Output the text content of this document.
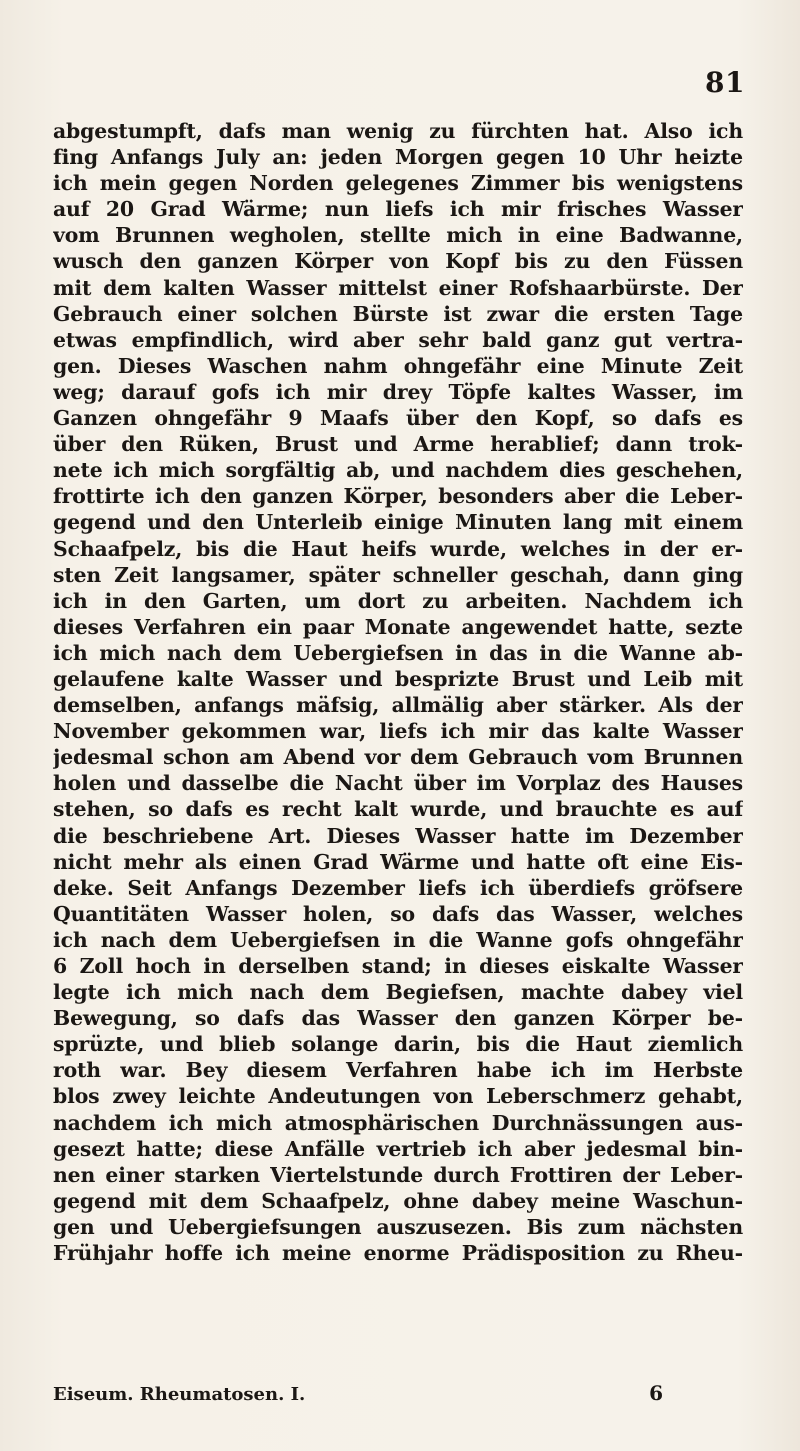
81
abgestumpft, dafs man wenig zu fürchten hat. Also ich
fing Anfangs July an: jeden Morgen gegen 10 Uhr heizte
ich mein gegen Norden gelegenes Zimmer bis wenigstens
auf 20 Grad Wärme; nun liefs ich mir frisches Wasser
vom Brunnen wegholen, stellte mich in eine Badwanne,
wusch den ganzen Körper von Kopf bis zu den Füssen
mit dem kalten Wasser mittelst einer Rofshaarbürste. Der
Gebrauch einer solchen Bürste ist zwar die ersten Tage
etwas empfindlich, wird aber sehr bald ganz gut vertra-
gen. Dieses Waschen nahm ohngefähr eine Minute Zeit
weg; darauf gofs ich mir drey Töpfe kaltes Wasser, im
Ganzen ohngefähr 9 Maafs über den Kopf, so dafs es
über den Rüken, Brust und Arme herablief; dann trok-
nete ich mich sorgfältig ab, und nachdem dies geschehen,
frottirte ich den ganzen Körper, besonders aber die Leber-
gegend und den Unterleib einige Minuten lang mit einem
Schaafpelz, bis die Haut heifs wurde, welches in der er-
sten Zeit langsamer, später schneller geschah, dann ging
ich in den Garten, um dort zu arbeiten. Nachdem ich
dieses Verfahren ein paar Monate angewendet hatte, sezte
ich mich nach dem Uebergiefsen in das in die Wanne ab-
gelaufene kalte Wasser und besprizte Brust und Leib mit
demselben, anfangs mäfsig, allmälig aber stärker. Als der
November gekommen war, liefs ich mir das kalte Wasser
jedesmal schon am Abend vor dem Gebrauch vom Brunnen
holen und dasselbe die Nacht über im Vorplaz des Hauses
stehen, so dafs es recht kalt wurde, und brauchte es auf
die beschriebene Art. Dieses Wasser hatte im Dezember
nicht mehr als einen Grad Wärme und hatte oft eine Eis-
deke. Seit Anfangs Dezember liefs ich überdiefs gröfsere
Quantitäten Wasser holen, so dafs das Wasser, welches
ich nach dem Uebergiefsen in die Wanne gofs ohngefähr
6 Zoll hoch in derselben stand; in dieses eiskalte Wasser
legte ich mich nach dem Begiefsen, machte dabey viel
Bewegung, so dafs das Wasser den ganzen Körper be-
sprüzte, und blieb solange darin, bis die Haut ziemlich
roth war. Bey diesem Verfahren habe ich im Herbste
blos zwey leichte Andeutungen von Leberschmerz gehabt,
nachdem ich mich atmosphärischen Durchnässungen aus-
gesezt hatte; diese Anfälle vertrieb ich aber jedesmal bin-
nen einer starken Viertelstunde durch Frottiren der Leber-
gegend mit dem Schaafpelz, ohne dabey meine Waschun-
gen und Uebergiefsungen auszusezen. Bis zum nächsten
Frühjahr hoffe ich meine enorme Prädisposition zu Rheu-
Eiseum. Rheumatosen. I.	6
